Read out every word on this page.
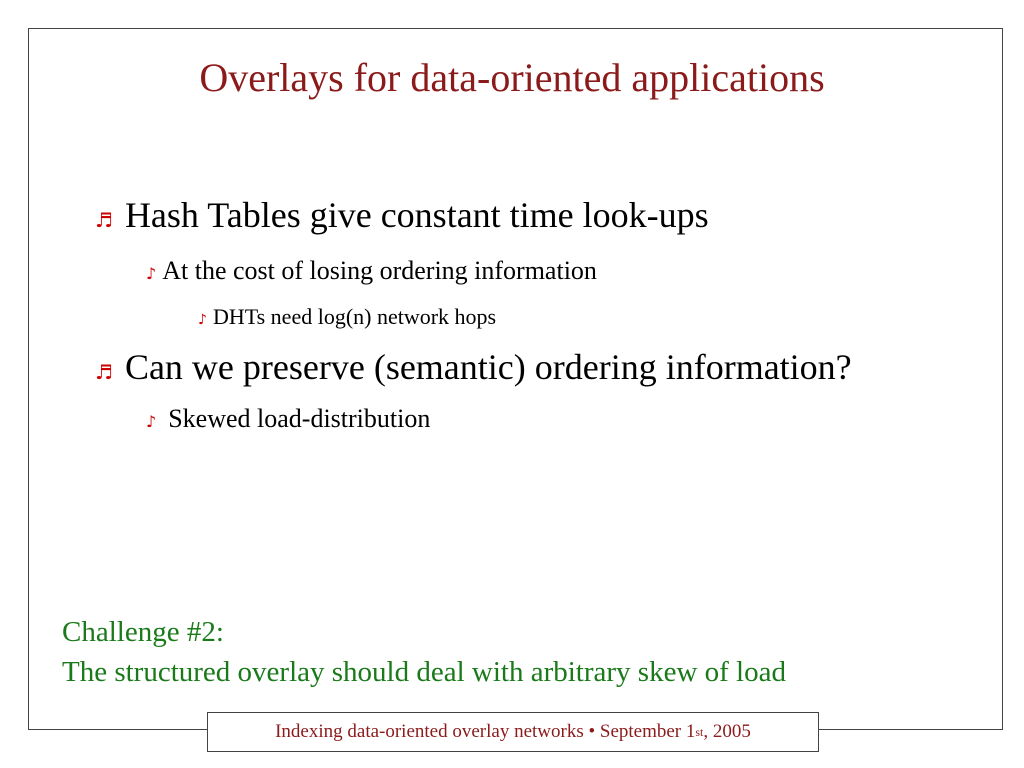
Overlays for data-oriented applications
♬ Hash Tables give constant time look-ups
♪ At the cost of losing ordering information
♪ DHTs need log(n) network hops
♬ Can we preserve (semantic) ordering information?
♪ Skewed load-distribution
Challenge #2:
The structured overlay should deal with arbitrary skew of load
Indexing data-oriented overlay networks • September 1 st , 2005
